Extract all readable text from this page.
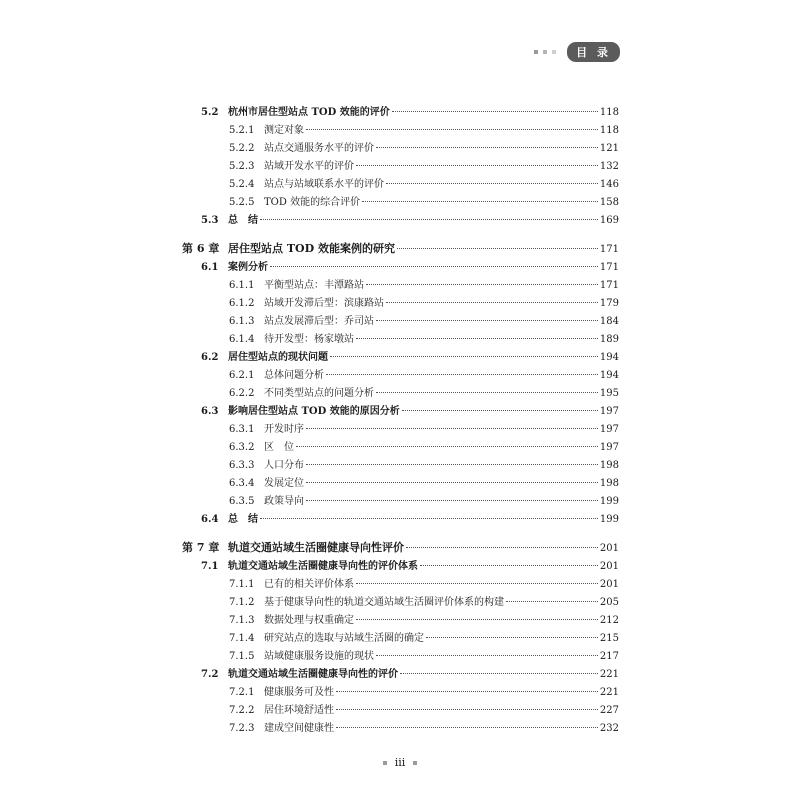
目 录
5.2 杭州市居住型站点 TOD 效能的评价	118
5.2.1 测定对象	118
5.2.2 站点交通服务水平的评价	121
5.2.3 站域开发水平的评价	132
5.2.4 站点与站域联系水平的评价	146
5.2.5 TOD 效能的综合评价	158
5.3 总　结	169
第 6 章 居住型站点 TOD 效能案例的研究	171
6.1 案例分析	171
6.1.1 平衡型站点：丰潭路站	171
6.1.2 站域开发滞后型：滨康路站	179
6.1.3 站点发展滞后型：乔司站	184
6.1.4 待开发型：杨家墩站	189
6.2 居住型站点的现状问题	194
6.2.1 总体问题分析	194
6.2.2 不同类型站点的问题分析	195
6.3 影响居住型站点 TOD 效能的原因分析	197
6.3.1 开发时序	197
6.3.2 区　位	197
6.3.3 人口分布	198
6.3.4 发展定位	198
6.3.5 政策导向	199
6.4 总　结	199
第 7 章 轨道交通站域生活圈健康导向性评价	201
7.1 轨道交通站域生活圈健康导向性的评价体系	201
7.1.1 已有的相关评价体系	201
7.1.2 基于健康导向性的轨道交通站域生活圈评价体系的构建	205
7.1.3 数据处理与权重确定	212
7.1.4 研究站点的选取与站域生活圈的确定	215
7.1.5 站域健康服务设施的现状	217
7.2 轨道交通站域生活圈健康导向性的评价	221
7.2.1 健康服务可及性	221
7.2.2 居住环境舒适性	227
7.2.3 建成空间健康性	232
iii
